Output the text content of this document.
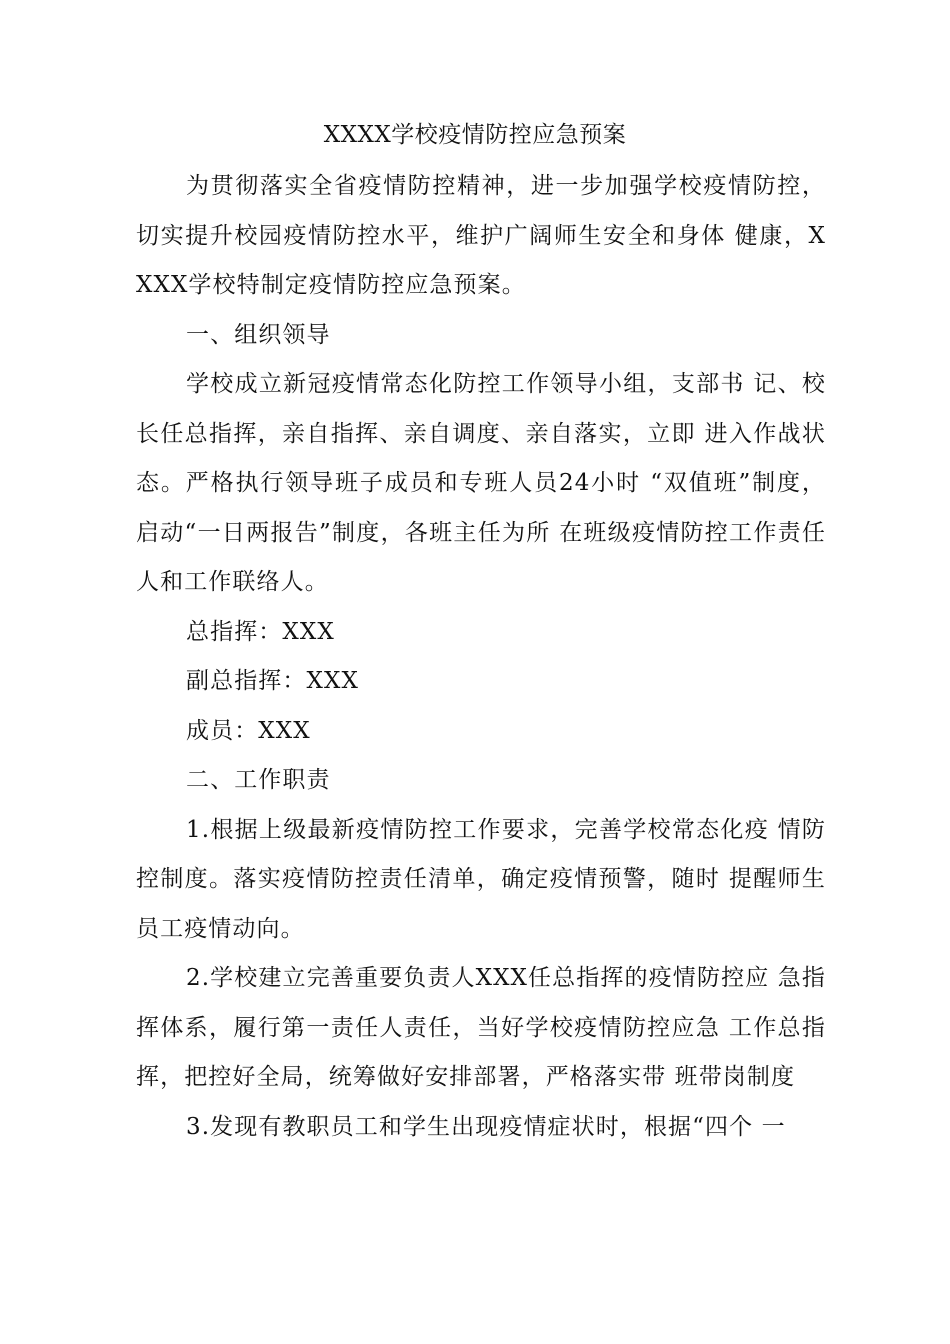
XXXX学校疫情防控应急预案

为贯彻落实全省疫情防控精神，进一步加强学校疫情防控，切实提升校园疫情防控水平，维护广阔师生安全和身体 健康，XXXX学校特制定疫情防控应急预案。

一、组织领导

学校成立新冠疫情常态化防控工作领导小组，支部书 记、校长任总指挥，亲自指挥、亲自调度、亲自落实，立即 进入作战状态。严格执行领导班子成员和专班人员24小时 “双值班”制度，启动“一日两报告”制度，各班主任为所 在班级疫情防控工作责任人和工作联络人。

总指挥：XXX

副总指挥：XXX

成员：XXX

二、工作职责

1.根据上级最新疫情防控工作要求，完善学校常态化疫 情防控制度。落实疫情防控责任清单，确定疫情预警，随时 提醒师生员工疫情动向。

2.学校建立完善重要负责人XXX任总指挥的疫情防控应 急指挥体系，履行第一责任人责任，当好学校疫情防控应急 工作总指挥，把控好全局，统筹做好安排部署，严格落实带 班带岗制度

3.发现有教职员工和学生出现疫情症状时，根据“四个 一
